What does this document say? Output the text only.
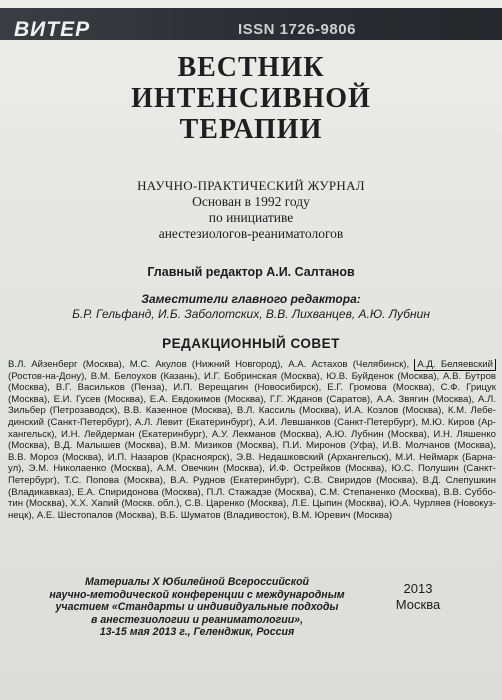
ВИТЕР	ISSN 1726-9806
ВЕСТНИК
ИНТЕНСИВНОЙ
ТЕРАПИИ
НАУЧНО-ПРАКТИЧЕСКИЙ ЖУРНАЛ
Основан в 1992 году
по инициативе
анестезиологов-реаниматологов
Главный редактор А.И. Салтанов
Заместители главного редактора:
Б.Р. Гельфанд, И.Б. Заболотских, В.В. Лихванцев, А.Ю. Лубнин
РЕДАКЦИОННЫЙ СОВЕТ
В.Л. Айзенберг (Москва), М.С. Акулов (Нижний Новгород), А.А. Астахов (Челябинск), А.Д. Беляевский
(Ростов-на-Дону), В.М. Белоухов (Казань), И.Г. Бобринская (Москва), Ю.В. Буйденок (Москва), А.В. Бутров
(Москва), В.Г. Васильков (Пенза), И.П. Верещагин (Новосибирск), Е.Г. Громова (Москва), С.Ф. Грицук
(Москва), Е.И. Гусев (Москва), Е.А. Евдокимов (Москва), Г.Г. Жданов (Саратов), А.А. Звягин (Москва), А.Л.
Зильбер (Петрозаводск), В.В. Казенное (Москва), В.Л. Кассиль (Москва), И.А. Козлов (Москва), К.М. Лебе-
динский (Санкт-Петербург), А.Л. Левит (Екатеринбург), А.И. Левшанков (Санкт-Петербург), М.Ю. Киров (Ар-
хангельск), И.Н. Лейдерман (Екатеринбург), А.У. Лекманов (Москва), А.Ю. Лубнин (Москва), И.Н. Ляшенко
(Москва), В.Д. Малышев (Москва), В.М. Мизиков (Москва), П.И. Миронов (Уфа), И.В. Молчанов (Москва),
В.В. Мороз (Москва), И.П. Назаров (Красноярск), Э.В. Недашковский (Архангельск), М.И. Неймарк (Барна-
ул), Э.М. Николаенко (Москва), А.М. Овечкин (Москва), И.Ф. Острейков (Москва), Ю.С. Полушин (Санкт-
Петербург), Т.С. Попова (Москва), В.А. Руднов (Екатеринбург), С.В. Свиридов (Москва), В.Д. Слепушкин
(Владикавказ), Е.А. Спиридонова (Москва), П.Л. Стажадзе (Москва), С.М. Степаненко (Москва), В.В. Суббо-
тин (Москва), Х.Х. Хапий (Москв. обл.), С.В. Царенко (Москва), Л.Е. Цыпин (Москва), Ю.А. Чурляев (Новокуз-
нецк), А.Е. Шестопалов (Москва), В.Б. Шуматов (Владивосток), В.М. Юревич (Москва)
Материалы X Юбилейной Всероссийской
научно-методической конференции с международным
участием «Стандарты и индивидуальные подходы
в анестезиологии и реаниматологии»,
13-15 мая 2013 г., Геленджик, Россия
2013
Москва
